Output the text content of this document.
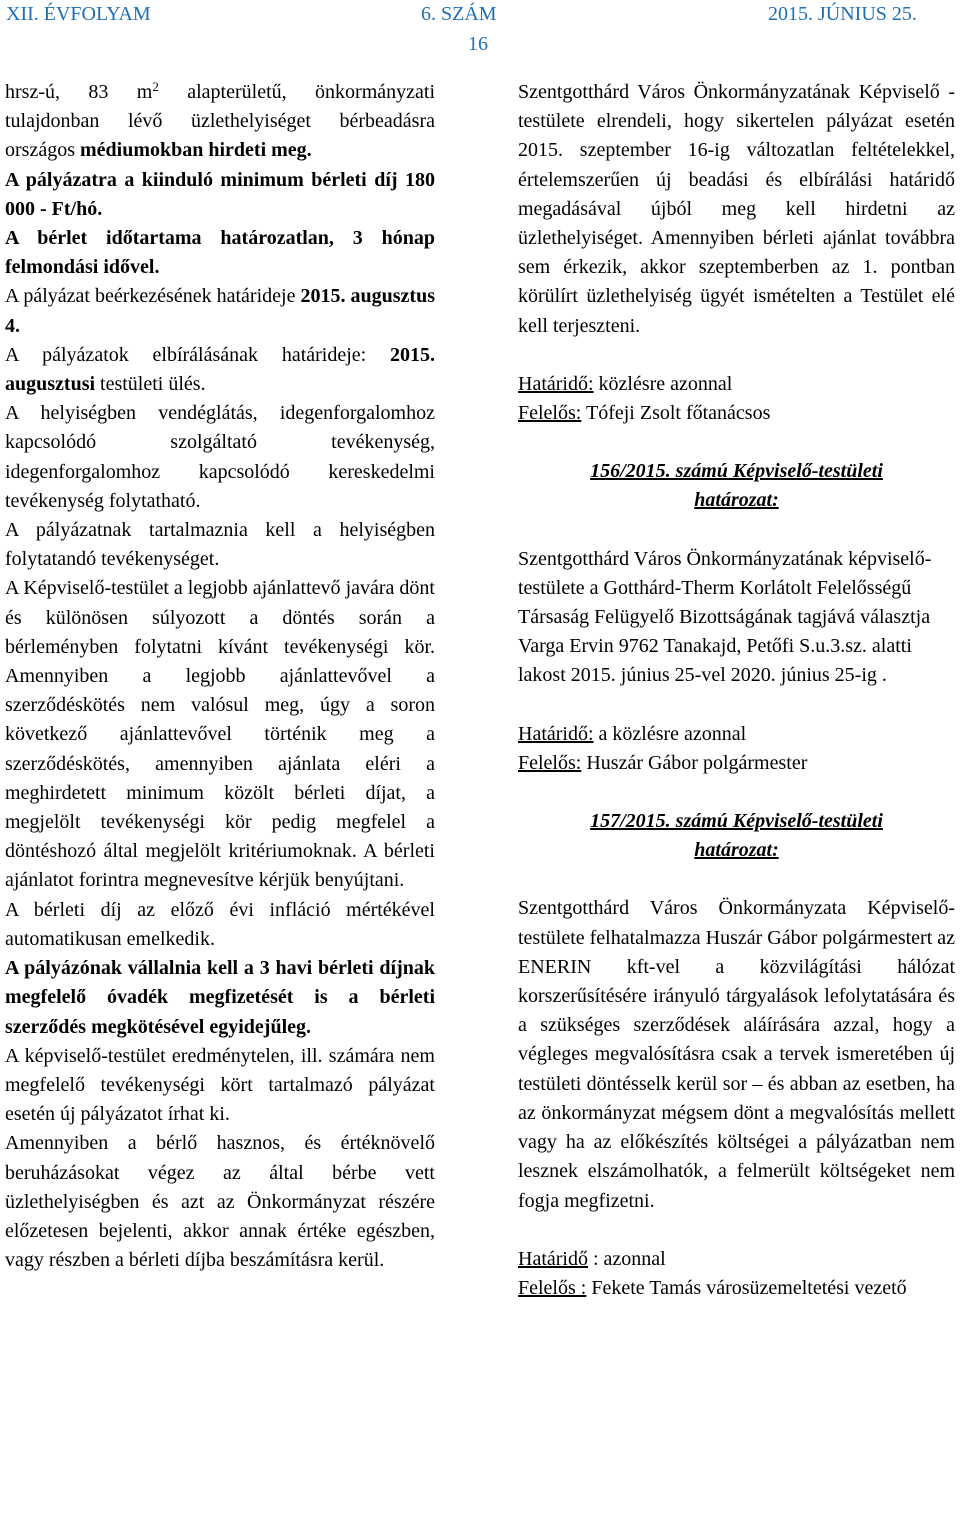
XII. ÉVFOLYAM	6. SZÁM	2015. JÚNIUS 25.
16

hrsz-ú, 83 $m^2$ alapterületű, önkormányzati tulajdonban lévő üzlethelyiséget bérbeadásra országos médiumokban hirdeti meg.

A pályázatra a kiinduló minimum bérleti díj 180 000 - Ft/hó.

A bérlet időtartama határozatlan, 3 hónap felmondási idővel.

A pályázat beérkezésének határideje 2015. augusztus 4.

A pályázatok elbírálásának határideje: 2015. augusztusi testületi ülés.

A helyiségben vendéglátás, idegenforgalomhoz kapcsolódó szolgáltató tevékenység, idegenforgalomhoz kapcsolódó kereskedelmi tevékenység folytatható.

A pályázatnak tartalmaznia kell a helyiségben folytatandó tevékenységet.

A Képviselő-testület a legjobb ajánlattevő javára dönt és különösen súlyozott a döntés során a bérleményben folytatni kívánt tevékenységi kör. Amennyiben a legjobb ajánlattevővel a szerződéskötés nem valósul meg, úgy a soron következő ajánlattevővel történik meg a szerződéskötés, amennyiben ajánlata eléri a meghirdetett minimum közölt bérleti díjat, a megjelölt tevékenységi kör pedig megfelel a döntéshozó által megjelölt kritériumoknak. A bérleti ajánlatot forintra megnevesítve kérjük benyújtani.

A bérleti díj az előző évi infláció mértékével automatikusan emelkedik.

A pályázónak vállalnia kell a 3 havi bérleti díjnak megfelelő óvadék megfizetését is a bérleti szerződés megkötésével egyidejűleg.

A képviselő-testület eredménytelen, ill. számára nem megfelelő tevékenységi kört tartalmazó pályázat esetén új pályázatot írhat ki.

Amennyiben a bérlő hasznos, és értéknövelő beruházásokat végez az által bérbe vett üzlethelyiségben és azt az Önkormányzat részére előzetesen bejelenti, akkor annak értéke egészben, vagy részben a bérleti díjba beszámításra kerül.

Szentgotthárd Város Önkormányzatának Képviselő - testülete elrendeli, hogy sikertelen pályázat esetén 2015. szeptember 16-ig változatlan feltételekkel, értelemszerűen új beadási és elbírálási határidő megadásával újból meg kell hirdetni az üzlethelyiséget. Amennyiben bérleti ajánlat továbbra sem érkezik, akkor szeptemberben az 1. pontban körülírt üzlethelyiség ügyét ismételten a Testület elé kell terjeszteni.

Határidő: közlésre azonnal

Felelős: Tófeji Zsolt főtanácsos

156/2015. számú Képviselő-testületi
határozat:

Szentgotthárd Város Önkormányzatának képviselő-testülete a Gotthárd-Therm Korlátolt Felelősségű Társaság Felügyelő Bizottságának tagjává választja Varga Ervin 9762 Tanakajd, Petőfi S.u.3.sz. alatti lakost 2015. június 25-vel 2020. június 25-ig .

Határidő: a közlésre azonnal

Felelős: Huszár Gábor polgármester

157/2015. számú Képviselő-testületi
határozat:

Szentgotthárd Város Önkormányzata Képviselő-testülete felhatalmazza Huszár Gábor polgármestert az ENERIN kft-vel a közvilágítási hálózat korszerűsítésére irányuló tárgyalások lefolytatására és a szükséges szerződések aláírására azzal, hogy a végleges megvalósításra csak a tervek ismeretében új testületi döntésselk kerül sor – és abban az esetben, ha az önkormányzat mégsem dönt a megvalósítás mellett vagy ha az előkészítés költségei a pályázatban nem lesznek elszámolhatók, a felmerült költségeket nem fogja megfizetni.

Határidő : azonnal

Felelős : Fekete Tamás városüzemeltetési vezető
